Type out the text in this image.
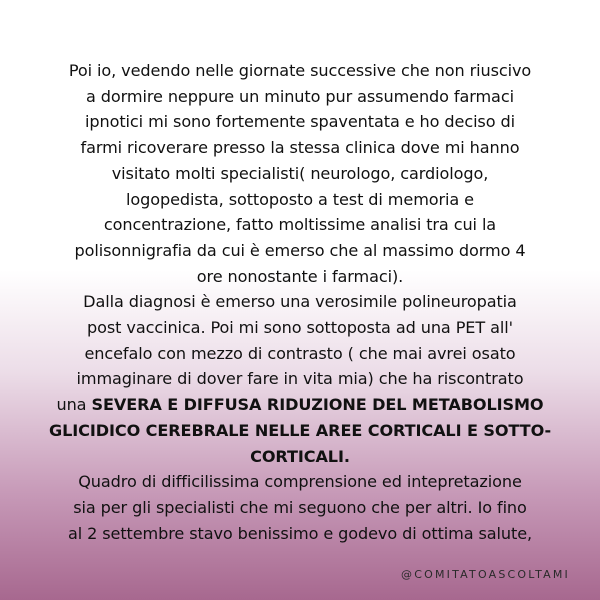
Poi io, vedendo nelle giornate successive che non riuscivo
a dormire neppure un minuto pur assumendo farmaci
ipnotici mi sono fortemente spaventata e ho deciso di
farmi ricoverare presso la stessa clinica dove mi hanno
visitato molti specialisti( neurologo, cardiologo,
logopedista, sottoposto a test di memoria e
concentrazione, fatto moltissime analisi tra cui la
polisonnigrafia da cui è emerso che al massimo dormo 4
ore nonostante i farmaci).
Dalla diagnosi è emerso una verosimile polineuropatia
post vaccinica. Poi mi sono sottoposta ad una PET all'
encefalo con mezzo di contrasto ( che mai avrei osato
immaginare di dover fare in vita mia) che ha riscontrato
una SEVERA E DIFFUSA RIDUZIONE DEL METABOLISMO
GLICIDICO CEREBRALE NELLE AREE CORTICALI E SOTTO-
CORTICALI.
Quadro di difficilissima comprensione ed intepretazione
sia per gli specialisti che mi seguono che per altri. Io fino
al 2 settembre stavo benissimo e godevo di ottima salute,
@COMITATOASCOLTAMI
